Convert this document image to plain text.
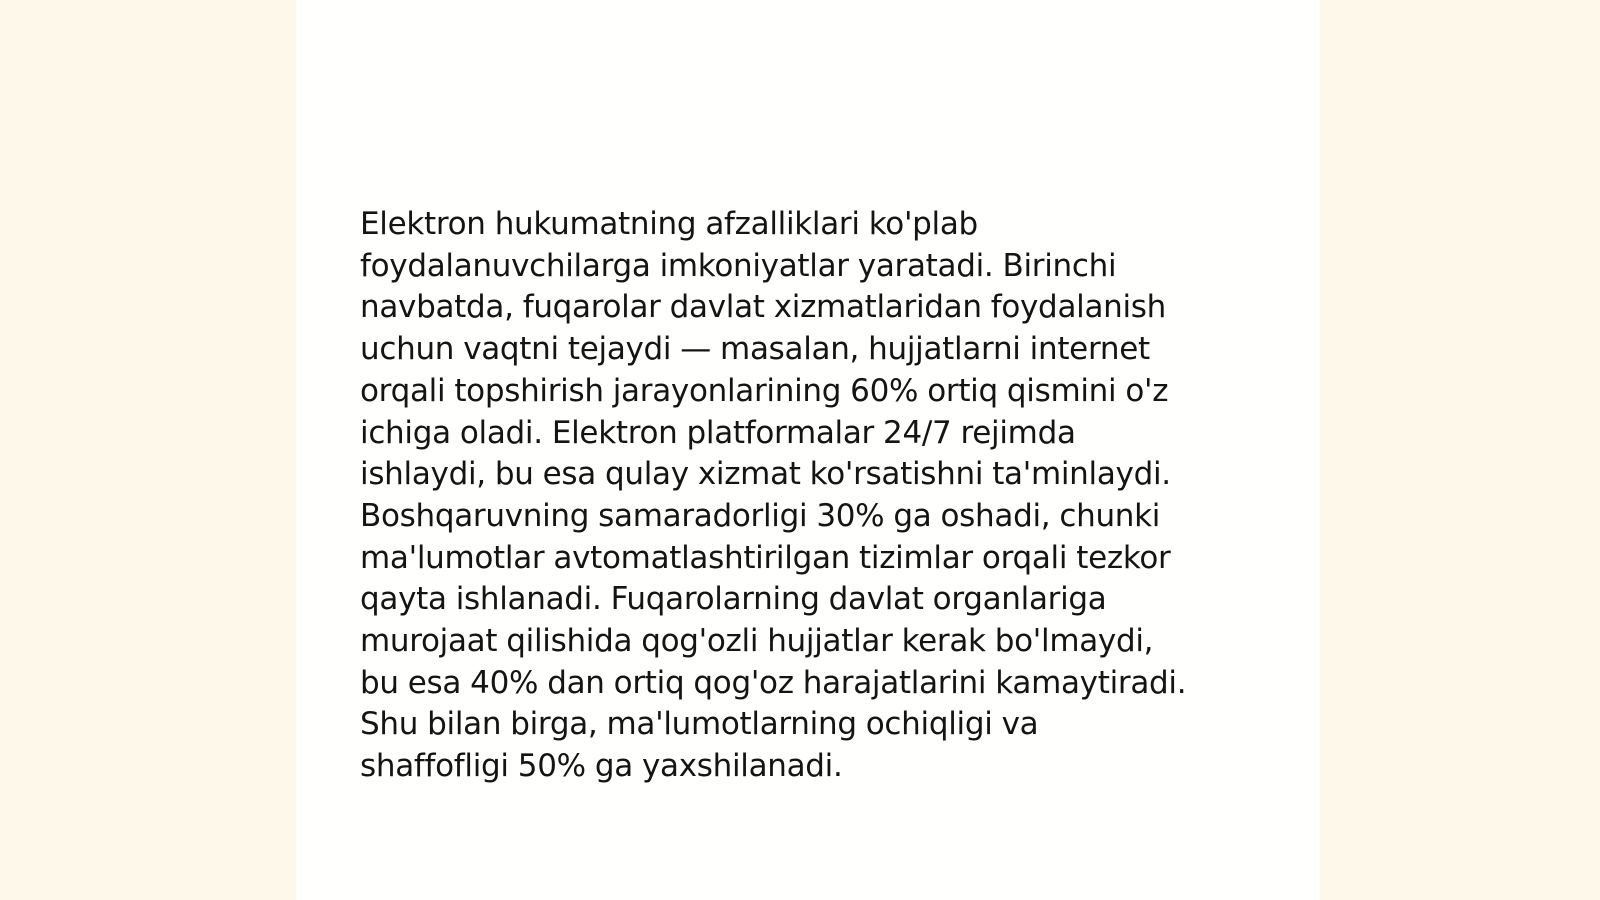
Elektron hukumatning afzalliklari ko'plab
foydalanuvchilarga imkoniyatlar yaratadi. Birinchi
navbatda, fuqarolar davlat xizmatlaridan foydalanish
uchun vaqtni tejaydi — masalan, hujjatlarni internet
orqali topshirish jarayonlarining 60% ortiq qismini o'z
ichiga oladi. Elektron platformalar 24/7 rejimda
ishlaydi, bu esa qulay xizmat ko'rsatishni ta'minlaydi.
Boshqaruvning samaradorligi 30% ga oshadi, chunki
ma'lumotlar avtomatlashtirilgan tizimlar orqali tezkor
qayta ishlanadi. Fuqarolarning davlat organlariga
murojaat qilishida qog'ozli hujjatlar kerak bo'lmaydi,
bu esa 40% dan ortiq qog'oz harajatlarini kamaytiradi.
Shu bilan birga, ma'lumotlarning ochiqligi va
shaffofligi 50% ga yaxshilanadi.
